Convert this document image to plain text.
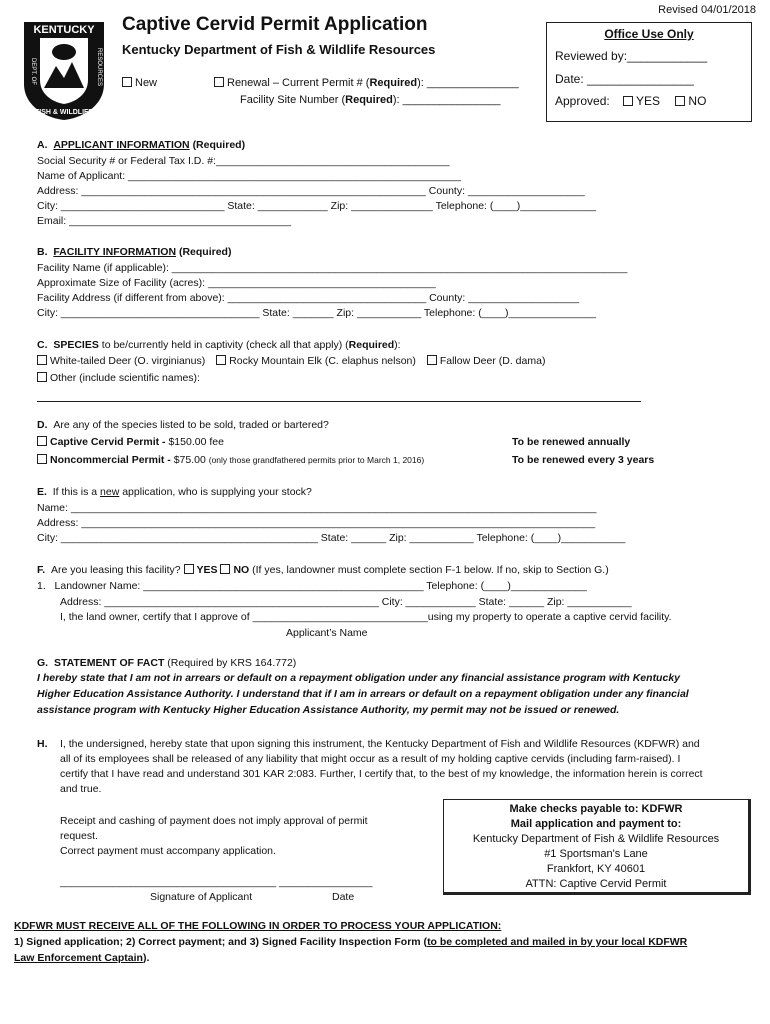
Revised 04/01/2018
KENTUCKY
DEPT. OF	RESOURCES
FISH & WILDLIFE
Captive Cervid Permit Application
Kentucky Department of Fish & Wildlife Resources
New	Renewal – Current Permit # (Required): _______________
Facility Site Number (Required): ________________
Office Use Only
Reviewed by:____________
Date: ________________
Approved: YES NO
A. APPLICANT INFORMATION (Required)
Social Security # or Federal Tax I.D. #:________________________________________
Name of Applicant: _________________________________________________________
Address: ___________________________________________________________ County: ____________________
City: ____________________________ State: ____________ Zip: ______________ Telephone: (____)_____________
Email: ______________________________________
B. FACILITY INFORMATION (Required)
Facility Name (if applicable): ______________________________________________________________________________
Approximate Size of Facility (acres): _______________________________________
Facility Address (if different from above): __________________________________ County: ___________________
City: __________________________________ State: _______ Zip: ___________ Telephone: (____)_______________
C. SPECIES to be/currently held in captivity (check all that apply) (Required):
White-tailed Deer (O. virginianus) Rocky Mountain Elk (C. elaphus nelson) Fallow Deer (D. dama)
Other (include scientific names):
D. Are any of the species listed to be sold, traded or bartered?
Captive Cervid Permit - $150.00 fee	To be renewed annually
Noncommercial Permit - $75.00 (only those grandfathered permits prior to March 1, 2016)	To be renewed every 3 years
E. If this is a new application, who is supplying your stock?
Name: __________________________________________________________________________________________
Address: ________________________________________________________________________________________
City: ____________________________________________ State: ______ Zip: ___________ Telephone: (____)___________
F. Are you leasing this facility? YES NO (If yes, landowner must complete section F-1 below. If no, skip to Section G.)
1. Landowner Name: ________________________________________________ Telephone: (____)_____________
Address: _______________________________________________ City: ____________ State: ______ Zip: ___________
I, the land owner, certify that I approve of ______________________________using my property to operate a captive cervid facility.
Applicant’s Name
G. STATEMENT OF FACT (Required by KRS 164.772)
I hereby state that I am not in arrears or default on a repayment obligation under any financial assistance program with Kentucky
Higher Education Assistance Authority. I understand that if I am in arrears or default on a repayment obligation under any financial
assistance program with Kentucky Higher Education Assistance Authority, my permit may not be issued or renewed.
H. I, the undersigned, hereby state that upon signing this instrument, the Kentucky Department of Fish and Wildlife Resources (KDFWR) and
all of its employees shall be released of any liability that might occur as a result of my holding captive cervids (including farm-raised). I
certify that I have read and understand 301 KAR 2:083. Further, I certify that, to the best of my knowledge, the information herein is correct
and true.
Receipt and cashing of payment does not imply approval of permit
request.
Correct payment must accompany application.
_____________________________________ ________________
Signature of Applicant	Date
Make checks payable to: KDFWR
Mail application and payment to:
Kentucky Department of Fish & Wildlife Resources
#1 Sportsman's Lane
Frankfort, KY 40601
ATTN: Captive Cervid Permit
KDFWR MUST RECEIVE ALL OF THE FOLLOWING IN ORDER TO PROCESS YOUR APPLICATION:
1) Signed application; 2) Correct payment; and 3) Signed Facility Inspection Form (to be completed and mailed in by your local KDFWR
Law Enforcement Captain).
